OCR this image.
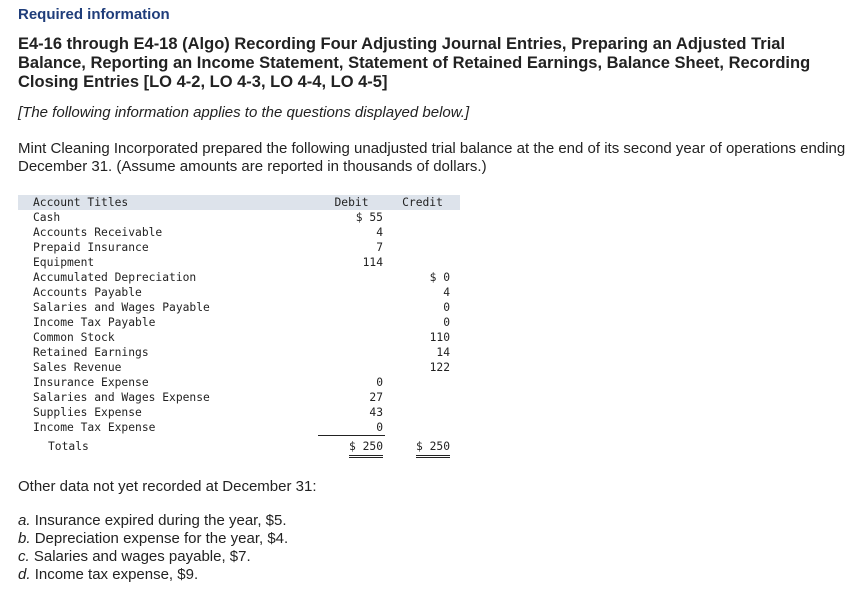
Required information
E4-16 through E4-18 (Algo) Recording Four Adjusting Journal Entries, Preparing an Adjusted Trial Balance, Reporting an Income Statement, Statement of Retained Earnings, Balance Sheet, Recording Closing Entries [LO 4-2, LO 4-3, LO 4-4, LO 4-5]
[The following information applies to the questions displayed below.]
Mint Cleaning Incorporated prepared the following unadjusted trial balance at the end of its second year of operations ending December 31. (Assume amounts are reported in thousands of dollars.)
Account Titles	Debit	Credit
Cash	$ 55	
Accounts Receivable	4	
Prepaid Insurance	7	
Equipment	114	
Accumulated Depreciation		$ 0
Accounts Payable		4
Salaries and Wages Payable		0
Income Tax Payable		0
Common Stock		110
Retained Earnings		14
Sales Revenue		122
Insurance Expense	0	
Salaries and Wages Expense	27	
Supplies Expense	43	
Income Tax Expense	0	
Totals	$ 250	$ 250
Other data not yet recorded at December 31:
a. Insurance expired during the year, $5.
b. Depreciation expense for the year, $4.
c. Salaries and wages payable, $7.
d. Income tax expense, $9.
